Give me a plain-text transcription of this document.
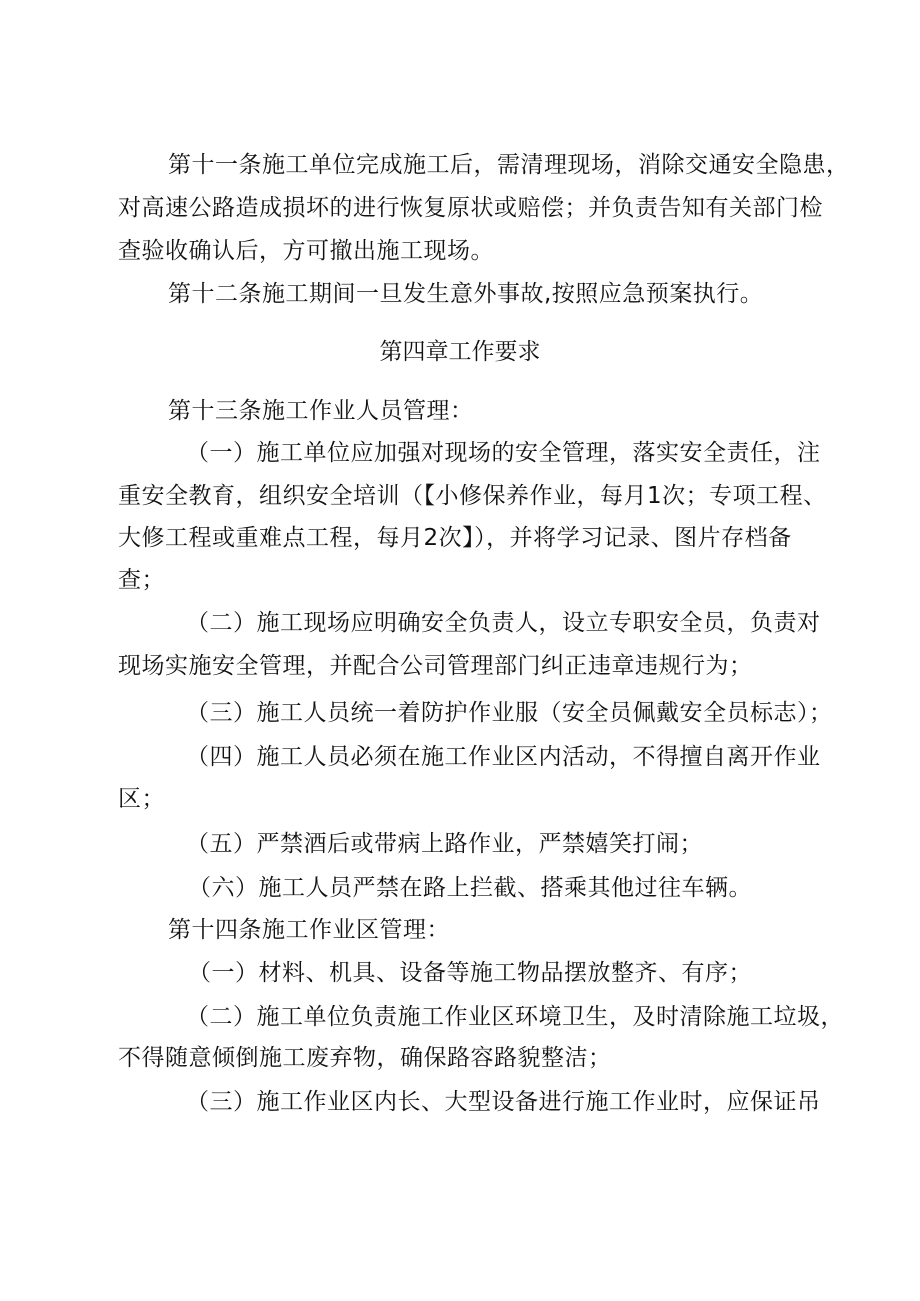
第十一条施工单位完成施工后，需清理现场，消除交通安全隐患，
对高速公路造成损坏的进行恢复原状或赔偿；并负责告知有关部门检
查验收确认后，方可撤出施工现场。
第十二条施工期间一旦发生意外事故,按照应急预案执行。
第四章工作要求
第十三条施工作业人员管理：
（一）施工单位应加强对现场的安全管理，落实安全责任，注
重安全教育，组织安全培训（【小修保养作业，每月1次；专项工程、
大修工程或重难点工程，每月2次】），并将学习记录、图片存档备
查；
（二）施工现场应明确安全负责人，设立专职安全员，负责对
现场实施安全管理，并配合公司管理部门纠正违章违规行为；
（三）施工人员统一着防护作业服（安全员佩戴安全员标志）；
（四）施工人员必须在施工作业区内活动，不得擅自离开作业
区；
（五）严禁酒后或带病上路作业，严禁嬉笑打闹；
（六）施工人员严禁在路上拦截、搭乘其他过往车辆。
第十四条施工作业区管理：
（一）材料、机具、设备等施工物品摆放整齐、有序；
（二）施工单位负责施工作业区环境卫生，及时清除施工垃圾，
不得随意倾倒施工废弃物，确保路容路貌整洁；
（三）施工作业区内长、大型设备进行施工作业时，应保证吊
